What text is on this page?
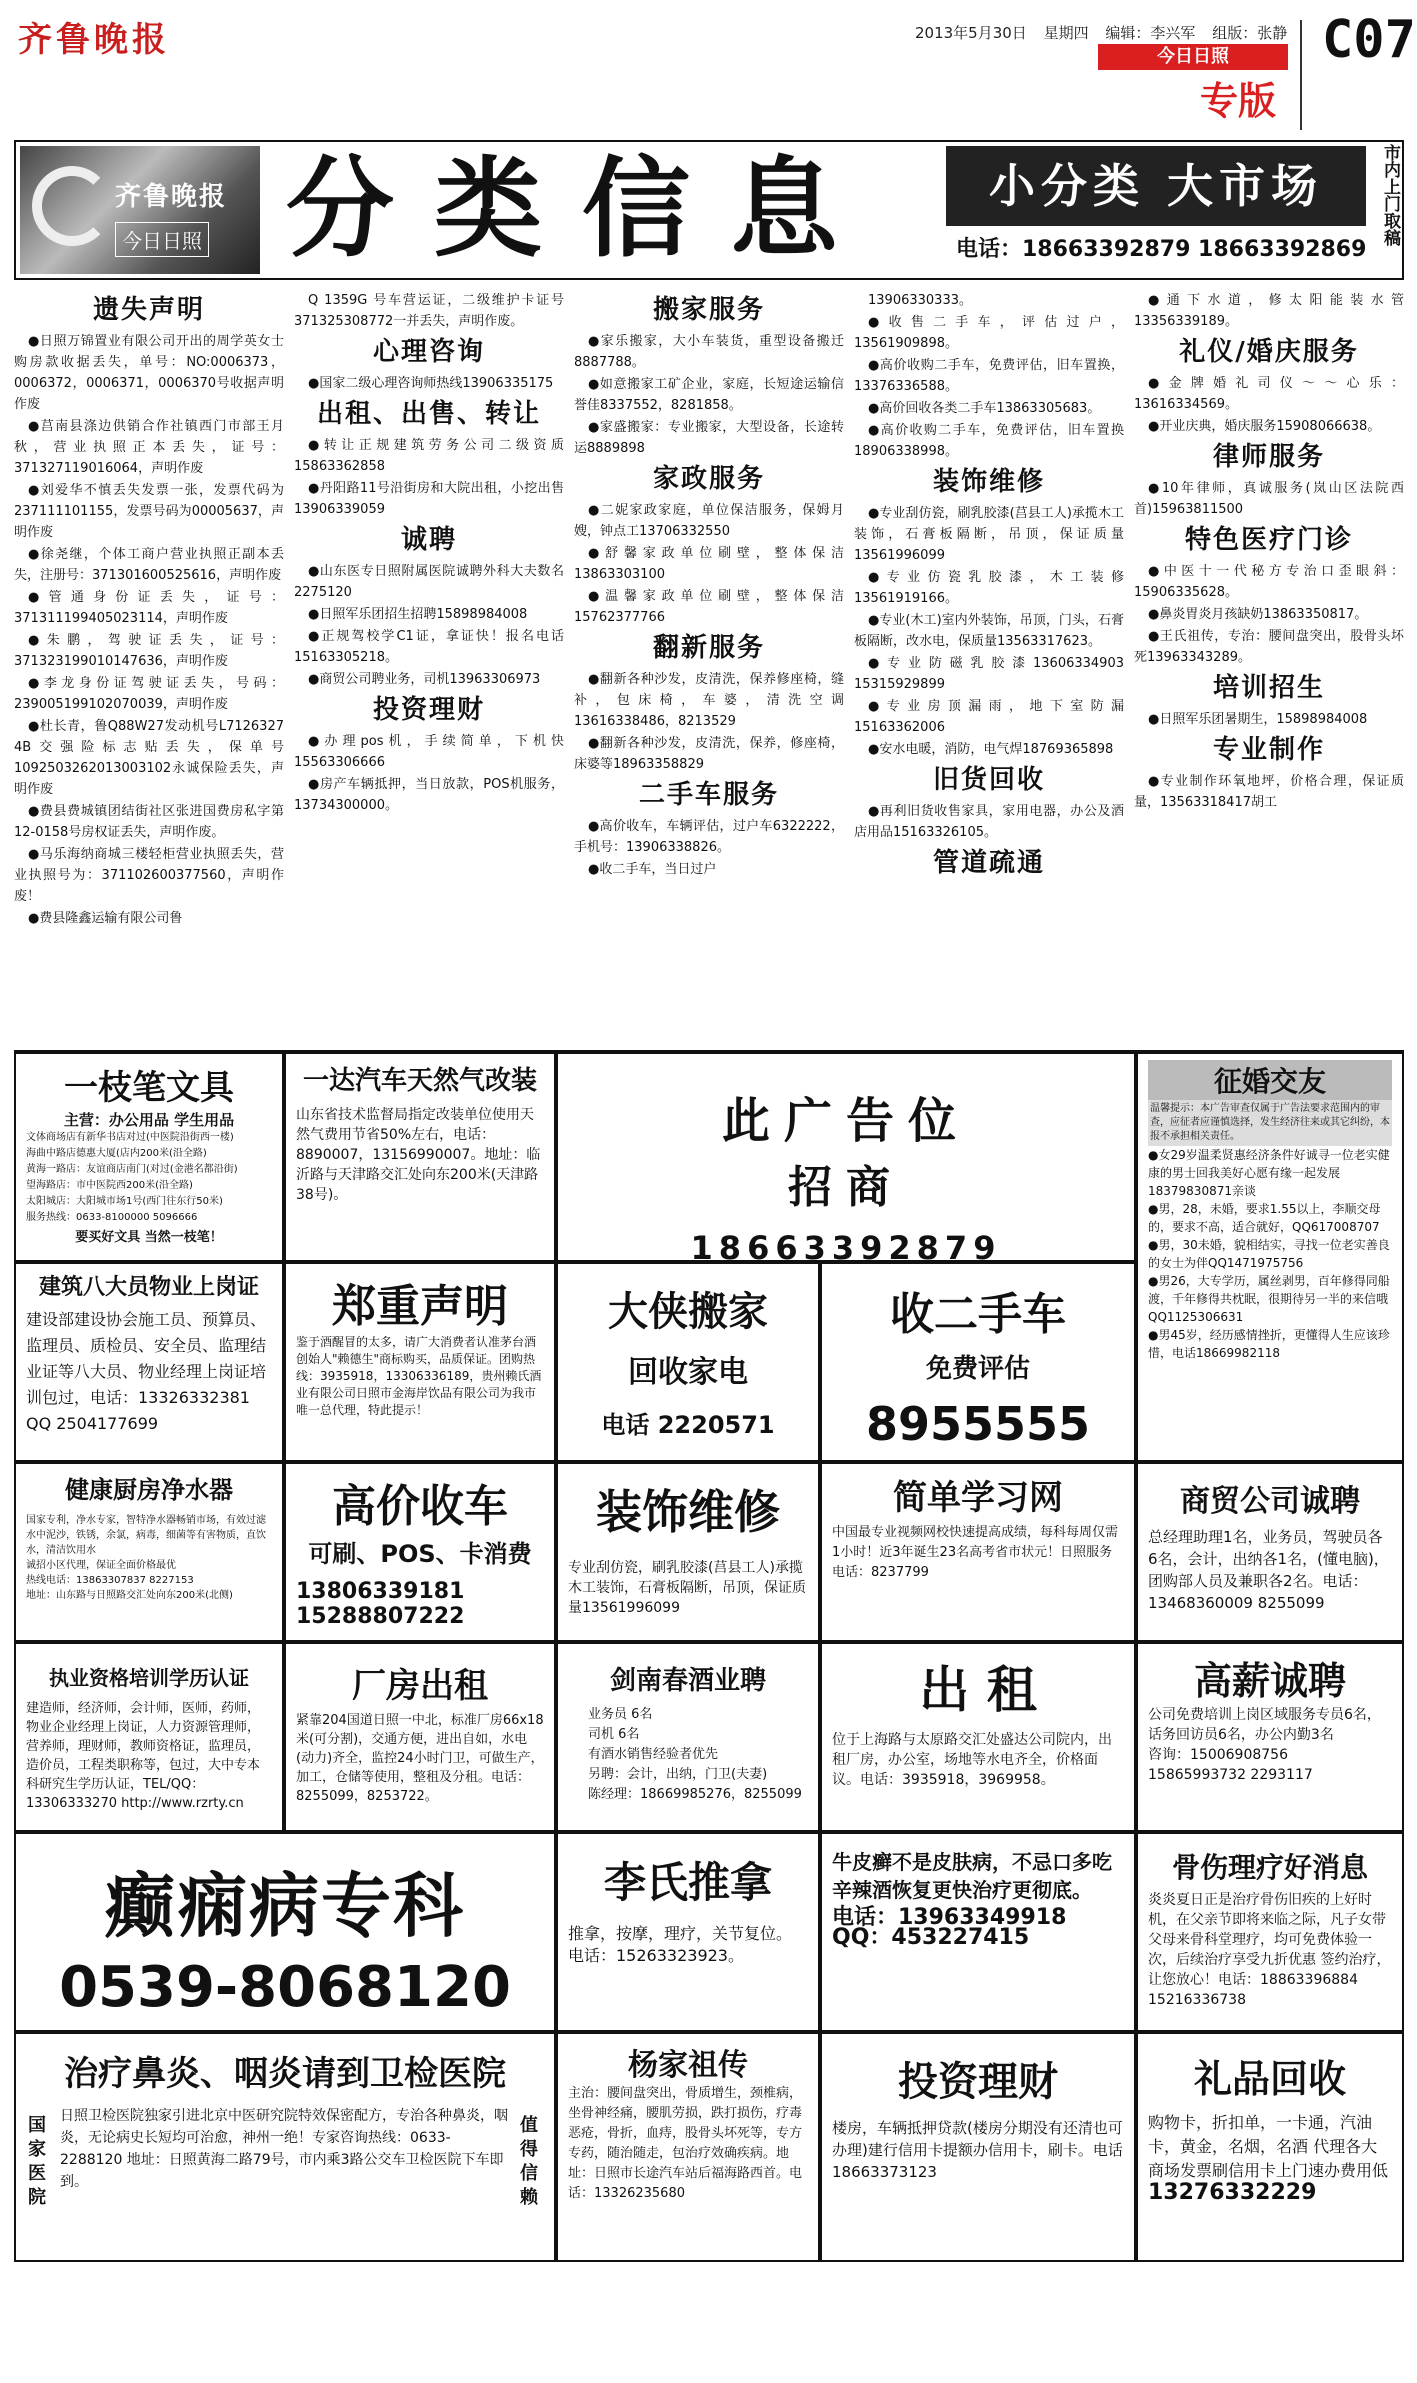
齐鲁晚报	2013年5月30日 星期四 编辑：李兴军 组版：张静
今日日照
专版
C07
齐鲁晚报
今日日照 分类信息	小分类 大市场
电话：18663392879 18663392869
市内上门取稿
遗失声明

●日照万锦置业有限公司开出的周学英女士购房款收据丢失，单号：NO:0006373，0006372，0006371，0006370号收据声明作废

●莒南县涤边供销合作社镇西门市部王月秋，营业执照正本丢失，证号：371327119016064，声明作废

●刘爱华不慎丢失发票一张，发票代码为237111101155，发票号码为00005637，声明作废

●徐尧继，个体工商户营业执照正副本丢失，注册号：371301600525616，声明作废

●管通身份证丢失，证号：371311199405023114，声明作废

●朱鹏，驾驶证丢失，证号：371323199010147636，声明作废

●李龙身份证驾驶证丢失，号码：239005199102070039，声明作废

●杜长青，鲁Q88W27发动机号L7126327 4B交强险标志贴丢失，保单号1092503262013003102永诚保险丢失，声明作废

●费县费城镇团结街社区张进国费房私字第12-0158号房权证丢失，声明作废。

●马乐海纳商城三楼轻柜营业执照丢失，营业执照号为：371102600377560，声明作废！

●费县隆鑫运输有限公司鲁

Q 1359G 号车营运证，二级维护卡证号371325308772一并丢失，声明作废。

心理咨询

●国家二级心理咨询师热线13906335175

出租、出售、转让

●转让正规建筑劳务公司二级资质15863362858

●丹阳路11号沿街房和大院出租，小挖出售13906339059

诚聘

●山东医专日照附属医院诚聘外科大夫数名2275120

●日照军乐团招生招聘15898984008

●正规驾校学C1证，拿证快！报名电话15163305218。

●商贸公司聘业务，司机13963306973

投资理财

●办理pos机，手续简单，下机快15563306666

●房产车辆抵押，当日放款，POS机服务，13734300000。

搬家服务

●家乐搬家，大小车装货，重型设备搬迁8887788。

●如意搬家工矿企业，家庭，长短途运输信誉佳8337552，8281858。

●家盛搬家：专业搬家，大型设备，长途转运8889898

家政服务

●二妮家政家庭，单位保洁服务，保姆月嫂，钟点工13706332550

●舒馨家政单位刷壁，整体保洁13863303100

●温馨家政单位刷壁，整体保洁15762377766

翻新服务

●翻新各种沙发，皮清洗，保养修座椅，缝补，包床椅，车婆，清洗空调13616338486，8213529

●翻新各种沙发，皮清洗，保养，修座椅，床婆等18963358829

二手车服务

●高价收车，车辆评估，过户车6322222，手机号：13906338826。

●收二手车，当日过户

13906330333。

●收售二手车，评估过户，13561909898。

●高价收购二手车，免费评估，旧车置换，13376336588。

●高价回收各类二手车13863305683。

●高价收购二手车，免费评估，旧车置换18906338998。

装饰维修

●专业刮仿瓷，刷乳胶漆(莒县工人)承揽木工装饰，石膏板隔断，吊顶，保证质量13561996099

●专业仿瓷乳胶漆，木工装修13561919166。

●专业(木工)室内外装饰，吊顶，门头，石膏板隔断，改水电，保质量13563317623。

●专业防磁乳胶漆13606334903 15315929899

●专业房顶漏雨，地下室防漏15163362006

●安水电暖，消防，电气焊18769365898

旧货回收

●再利旧货收售家具，家用电器，办公及酒店用品15163326105。

管道疏通

●通下水道，修太阳能装水管13356339189。

礼仪/婚庆服务

●金牌婚礼司仪～～心乐：13616334569。

●开业庆典，婚庆服务15908066638。

律师服务

●10年律师，真诚服务(岚山区法院西首)15963811500

特色医疗门诊

●中医十一代秘方专治口歪眼斜：15906335628。

●鼻炎胃炎月孩缺奶13863350817。

●王氏祖传，专治：腰间盘突出，股骨头坏死13963343289。

培训招生

●日照军乐团暑期生，15898984008

专业制作

●专业制作环氧地坪，价格合理，保证质量，13563318417胡工

一枝笔文具
主营：办公用品 学生用品
文体商场店有新华书店对过(中医院沿街西一楼)
海曲中路店德惠大厦(店内200米(沿全路)
黄海一路店：友谊商店南门(对过(金港名都沿街)
望海路店：市中医院西200米(沿全路)
太阳城店：大阳城市场1号(西门往东行50米)
服务热线：0633-8100000 5096666
要买好文具 当然一枝笔！
一达汽车天然气改装
山东省技术监督局指定改装单位使用天然气费用节省50%左右，电话：8890007，13156990007。地址：临沂路与天津路交汇处向东200米(天津路38号)。
此广告位
招商
18663392879
征婚交友
温馨提示：本广告审查仅属于广告法要求范围内的审查，应征者应谨慎选择，发生经济往来或其它纠纷，本报不承担相关责任。
●女29岁温柔贤惠经济条件好诚寻一位老实健康的男士回我美好心愿有缘一起发展18379830871亲谈
●男，28，未婚，要求1.55以上，李顺交母的，要求不高，适合就好，QQ617008707
●男，30未婚，貌相结实，寻找一位老实善良的女士为伴QQ1471975756
●男26，大专学历，属丝剥男，百年修得同船渡，千年修得共枕眠，很期待另一半的来信哦QQ1125306631
●男45岁，经历感情挫折，更懂得人生应该珍惜，电话18669982118
建筑八大员物业上岗证
建设部建设协会施工员、预算员、监理员、质检员、安全员、监理结业证等八大员、物业经理上岗证培训包过，电话：13326332381 QQ 2504177699
郑重声明
鉴于酒醒冒的太多，请广大消费者认准茅台酒创始人"赖德生"商标购买，品质保证。团购热线：3935918，13306336189，贵州赖氏酒业有限公司日照市金海岸饮品有限公司为我市唯一总代理，特此提示！
大侠搬家
回收家电
电话 2220571
收二手车
免费评估
8955555
健康厨房净水器
国家专利，净水专家，智特净水器畅销市场，有效过滤水中泥沙，铁锈，余氯，病毒，细菌等有害物质，直饮水，清洁饮用水
诚招小区代理，保证全面价格最优
热线电话：13863307837 8227153
地址：山东路与日照路交汇处向东200米(北侧)
高价收车
可刷、POS、卡消费
13806339181
15288807222
装饰维修
专业刮仿瓷，刷乳胶漆(莒县工人)承揽木工装饰，石膏板隔断，吊顶，保证质量13561996099
简单学习网
中国最专业视频网校快速提高成绩，每科每周仅需1小时！近3年诞生23名高考省市状元！日照服务电话：8237799
商贸公司诚聘
总经理助理1名，业务员，驾驶员各6名，会计，出纳各1名，(懂电脑)，团购部人员及兼职各2名。电话：13468360009 8255099
执业资格培训学历认证
建造师，经济师，会计师，医师，药师，物业企业经理上岗证，人力资源管理师，营养师，理财师，教师资格证，监理员，造价员，工程类职称等，包过，大中专本科研究生学历认证，TEL/QQ：13306333270 http://www.rzrty.cn
厂房出租
紧靠204国道日照一中北，标准厂房66x18米(可分割)，交通方便，进出自如，水电(动力)齐全，监控24小时门卫，可做生产，加工，仓储等使用，整租及分租。电话：8255099，8253722。
剑南春酒业聘
业务员 6名
司机 6名
有酒水销售经验者优先
另聘：会计，出纳，门卫(夫妻)
陈经理：18669985276，8255099
出 租
位于上海路与太原路交汇处盛达公司院内，出租厂房，办公室，场地等水电齐全，价格面议。电话：3935918，3969958。
高薪诚聘
公司免费培训上岗区域服务专员6名，话务回访员6名，办公内勤3名
咨询：15006908756
15865993732 2293117
癫痫病专科
0539-8068120
李氏推拿
推拿，按摩，理疗，关节复位。
电话：15263323923。
牛皮癣不是皮肤病，不忌口多吃辛辣酒恢复更快治疗更彻底。
电话：13963349918
QQ：453227415
骨伤理疗好消息
炎炎夏日正是治疗骨伤旧疾的上好时机，在父亲节即将来临之际，凡子女带父母来骨科堂理疗，均可免费体验一次，后续治疗享受九折优惠 签约治疗，让您放心！电话：18863396884 15216336738
治疗鼻炎、咽炎请到卫检医院
国家医院
值得信赖
日照卫检医院独家引进北京中医研究院特效保密配方，专治各种鼻炎，咽炎，无论病史长短均可治愈，神州一绝！专家咨询热线：0633-2288120 地址：日照黄海二路79号，市内乘3路公交车卫检医院下车即到。
杨家祖传
主治：腰间盘突出，骨质增生，颈椎病，坐骨神经痛，腰肌劳损，跌打损伤，疗毒恶疮，骨折，血痔，股骨头坏死等，专方专药，随治随走，包治疗效确疾病。地址：日照市长途汽车站后福海路西首。电话：13326235680
投资理财
楼房，车辆抵押贷款(楼房分期没有还清也可办理)建行信用卡提额办信用卡，刷卡。电话18663373123
礼品回收
购物卡，折扣单，一卡通，汽油卡，黄金，名烟，名酒 代理各大商场发票刷信用卡上门速办费用低
13276332229
